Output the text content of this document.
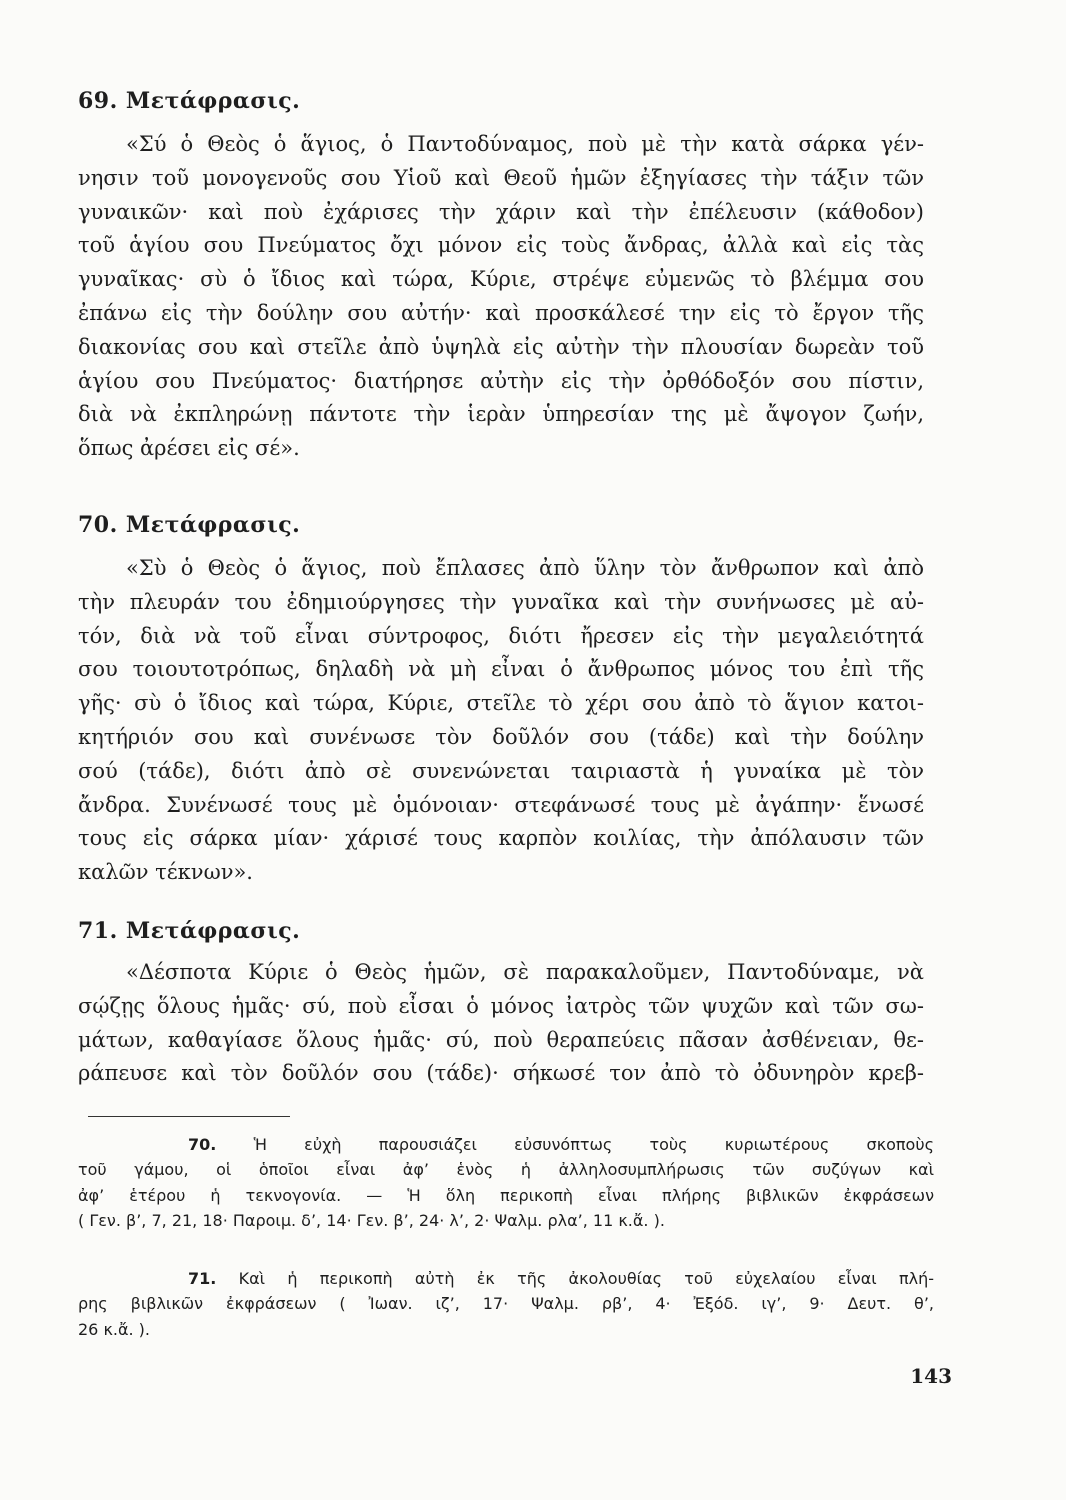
69. Μετάφρασις.

«Σύ ὁ Θεὸς ὁ ἅγιος, ὁ Παντοδύναμος, ποὺ μὲ τὴν κατὰ σάρκα γέν-
νησιν τοῦ μονογενοῦς σου Υἱοῦ καὶ Θεοῦ ἡμῶν ἐξηγίασες τὴν τάξιν τῶν
γυναικῶν· καὶ ποὺ ἐχάρισες τὴν χάριν καὶ τὴν ἐπέλευσιν (κάθοδον)
τοῦ ἁγίου σου Πνεύματος ὄχι μόνον εἰς τοὺς ἄνδρας, ἀλλὰ καὶ εἰς τὰς
γυναῖκας· σὺ ὁ ἴδιος καὶ τώρα, Κύριε, στρέψε εὐμενῶς τὸ βλέμμα σου
ἐπάνω εἰς τὴν δούλην σου αὐτήν· καὶ προσκάλεσέ την εἰς τὸ ἔργον τῆς
διακονίας σου καὶ στεῖλε ἀπὸ ὑψηλὰ εἰς αὐτὴν τὴν πλουσίαν δωρεὰν τοῦ
ἁγίου σου Πνεύματος· διατήρησε αὐτὴν εἰς τὴν ὀρθόδοξόν σου πίστιν,
διὰ νὰ ἐκπληρώνῃ πάντοτε τὴν ἱερὰν ὑπηρεσίαν της μὲ ἄψογον ζωήν,
ὅπως ἀρέσει εἰς σέ».

70. Μετάφρασις.

«Σὺ ὁ Θεὸς ὁ ἅγιος, ποὺ ἔπλασες ἀπὸ ὕλην τὸν ἄνθρωπον καὶ ἀπὸ
τὴν πλευράν του ἐδημιούργησες τὴν γυναῖκα καὶ τὴν συνήνωσες μὲ αὐ-
τόν, διὰ νὰ τοῦ εἶναι σύντροφος, διότι ἤρεσεν εἰς τὴν μεγαλειότητά
σου τοιουτοτρόπως, δηλαδὴ νὰ μὴ εἶναι ὁ ἄνθρωπος μόνος του ἐπὶ τῆς
γῆς· σὺ ὁ ἴδιος καὶ τώρα, Κύριε, στεῖλε τὸ χέρι σου ἀπὸ τὸ ἅγιον κατοι-
κητήριόν σου καὶ συνένωσε τὸν δοῦλόν σου (τάδε) καὶ τὴν δούλην
σού (τάδε), διότι ἀπὸ σὲ συνενώνεται ταιριαστὰ ἡ γυναίκα μὲ τὸν
ἄνδρα. Συνένωσέ τους μὲ ὁμόνοιαν· στεφάνωσέ τους μὲ ἀγάπην· ἕνωσέ
τους εἰς σάρκα μίαν· χάρισέ τους καρπὸν κοιλίας, τὴν ἀπόλαυσιν τῶν
καλῶν τέκνων».

71. Μετάφρασις.

«Δέσποτα Κύριε ὁ Θεὸς ἡμῶν, σὲ παρακαλοῦμεν, Παντοδύναμε, νὰ
σῴζῃς ὅλους ἡμᾶς· σύ, ποὺ εἶσαι ὁ μόνος ἰατρὸς τῶν ψυχῶν καὶ τῶν σω-
μάτων, καθαγίασε ὅλους ἡμᾶς· σύ, ποὺ θεραπεύεις πᾶσαν ἀσθένειαν, θε-
ράπευσε καὶ τὸν δοῦλόν σου (τάδε)· σήκωσέ τον ἀπὸ τὸ ὀδυνηρὸν κρεβ-

70. Ἡ εὐχὴ παρουσιάζει εὐσυνόπτως τοὺς κυριωτέρους σκοποὺς
τοῦ γάμου, οἱ ὁποῖοι εἶναι ἀφ’ ἑνὸς ἡ ἀλληλοσυμπλήρωσις τῶν συζύγων καὶ
ἀφ’ ἑτέρου ἡ τεκνογονία. — Ἡ ὅλη περικοπὴ εἶναι πλήρης βιβλικῶν ἐκφράσεων
( Γεν. β’, 7, 21, 18· Παροιμ. δ’, 14· Γεν. β’, 24· λ’, 2· Ψαλμ. ρλα’, 11 κ.ἄ. ).

71. Καὶ ἡ περικοπὴ αὐτὴ ἐκ τῆς ἀκολουθίας τοῦ εὐχελαίου εἶναι πλή-
ρης βιβλικῶν ἐκφράσεων ( Ἰωαν. ιζ’, 17· Ψαλμ. ρβ’, 4· Ἐξόδ. ιγ’, 9· Δευτ. θ’,
26 κ.ἄ. ).

143
